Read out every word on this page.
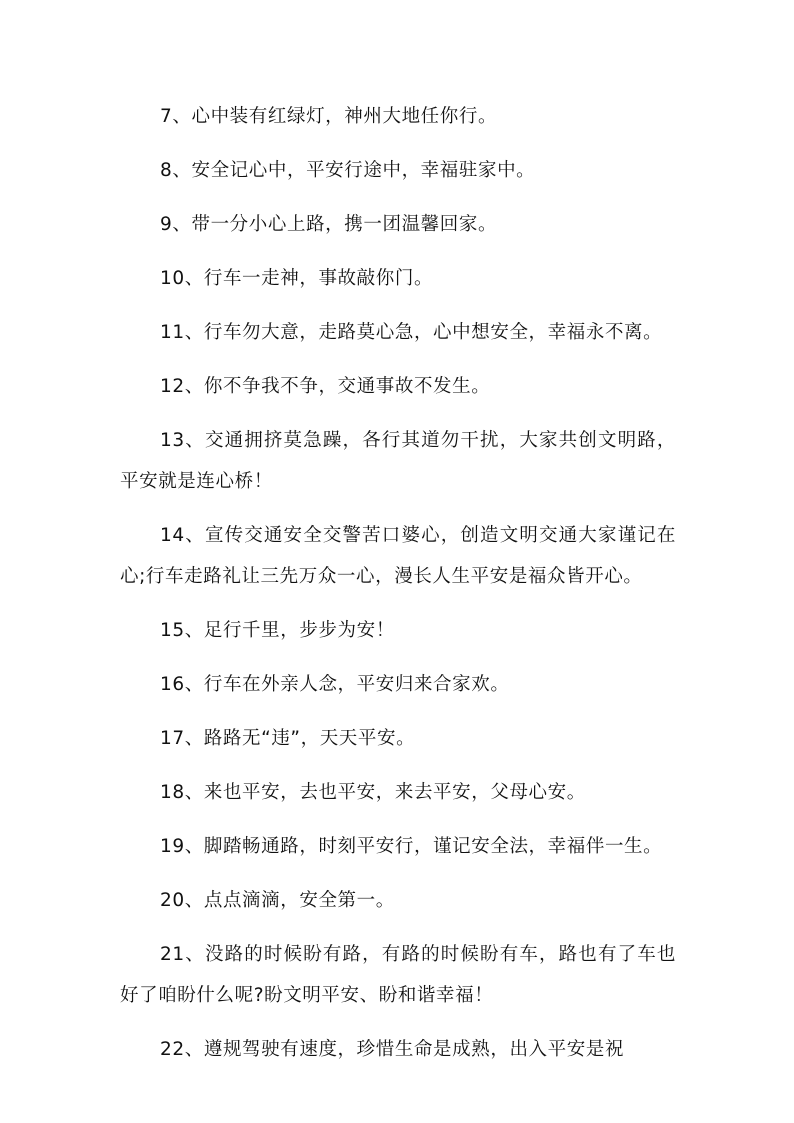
7、心中装有红绿灯，神州大地任你行。

8、安全记心中，平安行途中，幸福驻家中。

9、带一分小心上路，携一团温馨回家。

10、行车一走神，事故敲你门。

11、行车勿大意，走路莫心急，心中想安全，幸福永不离。

12、你不争我不争，交通事故不发生。

13、交通拥挤莫急躁，各行其道勿干扰，大家共创文明路，平安就是连心桥！

14、宣传交通安全交警苦口婆心，创造文明交通大家谨记在心;行车走路礼让三先万众一心，漫长人生平安是福众皆开心。

15、足行千里，步步为安！

16、行车在外亲人念，平安归来合家欢。

17、路路无“违”，天天平安。

18、来也平安，去也平安，来去平安，父母心安。

19、脚踏畅通路，时刻平安行，谨记安全法，幸福伴一生。

20、点点滴滴，安全第一。

21、没路的时候盼有路，有路的时候盼有车，路也有了车也好了咱盼什么呢?盼文明平安、盼和谐幸福！

22、遵规驾驶有速度，珍惜生命是成熟，出入平安是祝
